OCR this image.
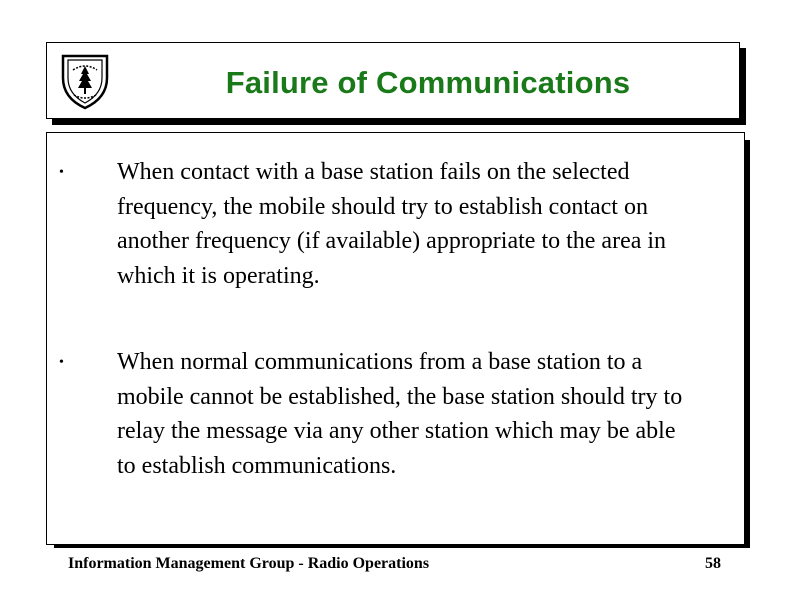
Failure of Communications
• When contact with a base station fails on the selected frequency, the mobile should try to establish contact on another frequency (if available) appropriate to the area in which it is operating.
• When normal communications from a base station to a mobile cannot be established, the base station should try to relay the message via any other station which may be able to establish communications.
Information Management Group - Radio Operations	58
